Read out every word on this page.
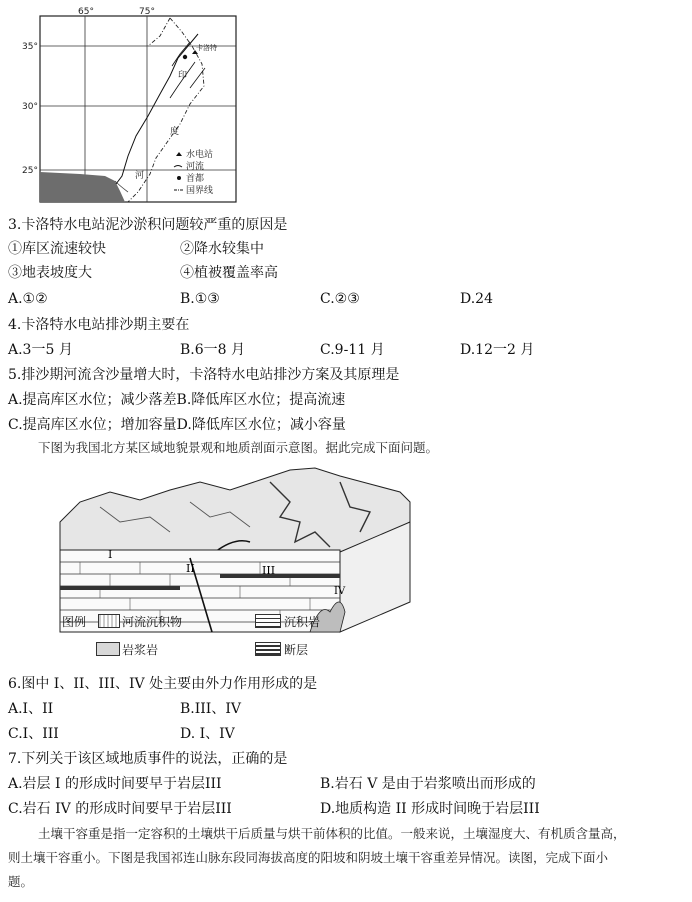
65°	75°
35°
30°
25°
印
度
河
卡洛特
水电站
河流
首都
国界线
3.卡洛特水电站泥沙淤积问题较严重的原因是
①库区流速较快	②降水较集中
③地表坡度大	④植被覆盖率高
A.①②	B.①③	C.②③	D.24
4.卡洛特水电站排沙期主要在
A.3一5 月	B.6一8 月	C.9-11 月	D.12一2 月
5.排沙期河流含沙量增大时，卡洛特水电站排沙方案及其原理是
A.提高库区水位；减少落差B.降低库区水位；提高流速
C.提高库区水位；增加容量D.降低库区水位；减小容量
下图为我国北方某区域地貌景观和地质剖面示意图。据此完成下面问题。
I
II	III
IV
图例	河流沉积物	沉积岩
岩浆岩	断层
6.图中 I、II、III、IV 处主要由外力作用形成的是
A.I、II	B.III、IV
C.I、III	D. I、IV
7.下列关于该区域地质事件的说法，正确的是
A.岩层 I 的形成时间要早于岩层III	B.岩石 V 是由于岩浆喷出而形成的
C.岩石 IV 的形成时间要早于岩层III	D.地质构造 II 形成时间晚于岩层III
土壤干容重是指一定容积的土壤烘干后质量与烘干前体积的比值。一般来说，土壤湿度大、有机质含量高，
则土壤干容重小。下图是我国祁连山脉东段同海拔高度的阳坡和阴坡土壤干容重差异情况。读图，完成下面小
题。
